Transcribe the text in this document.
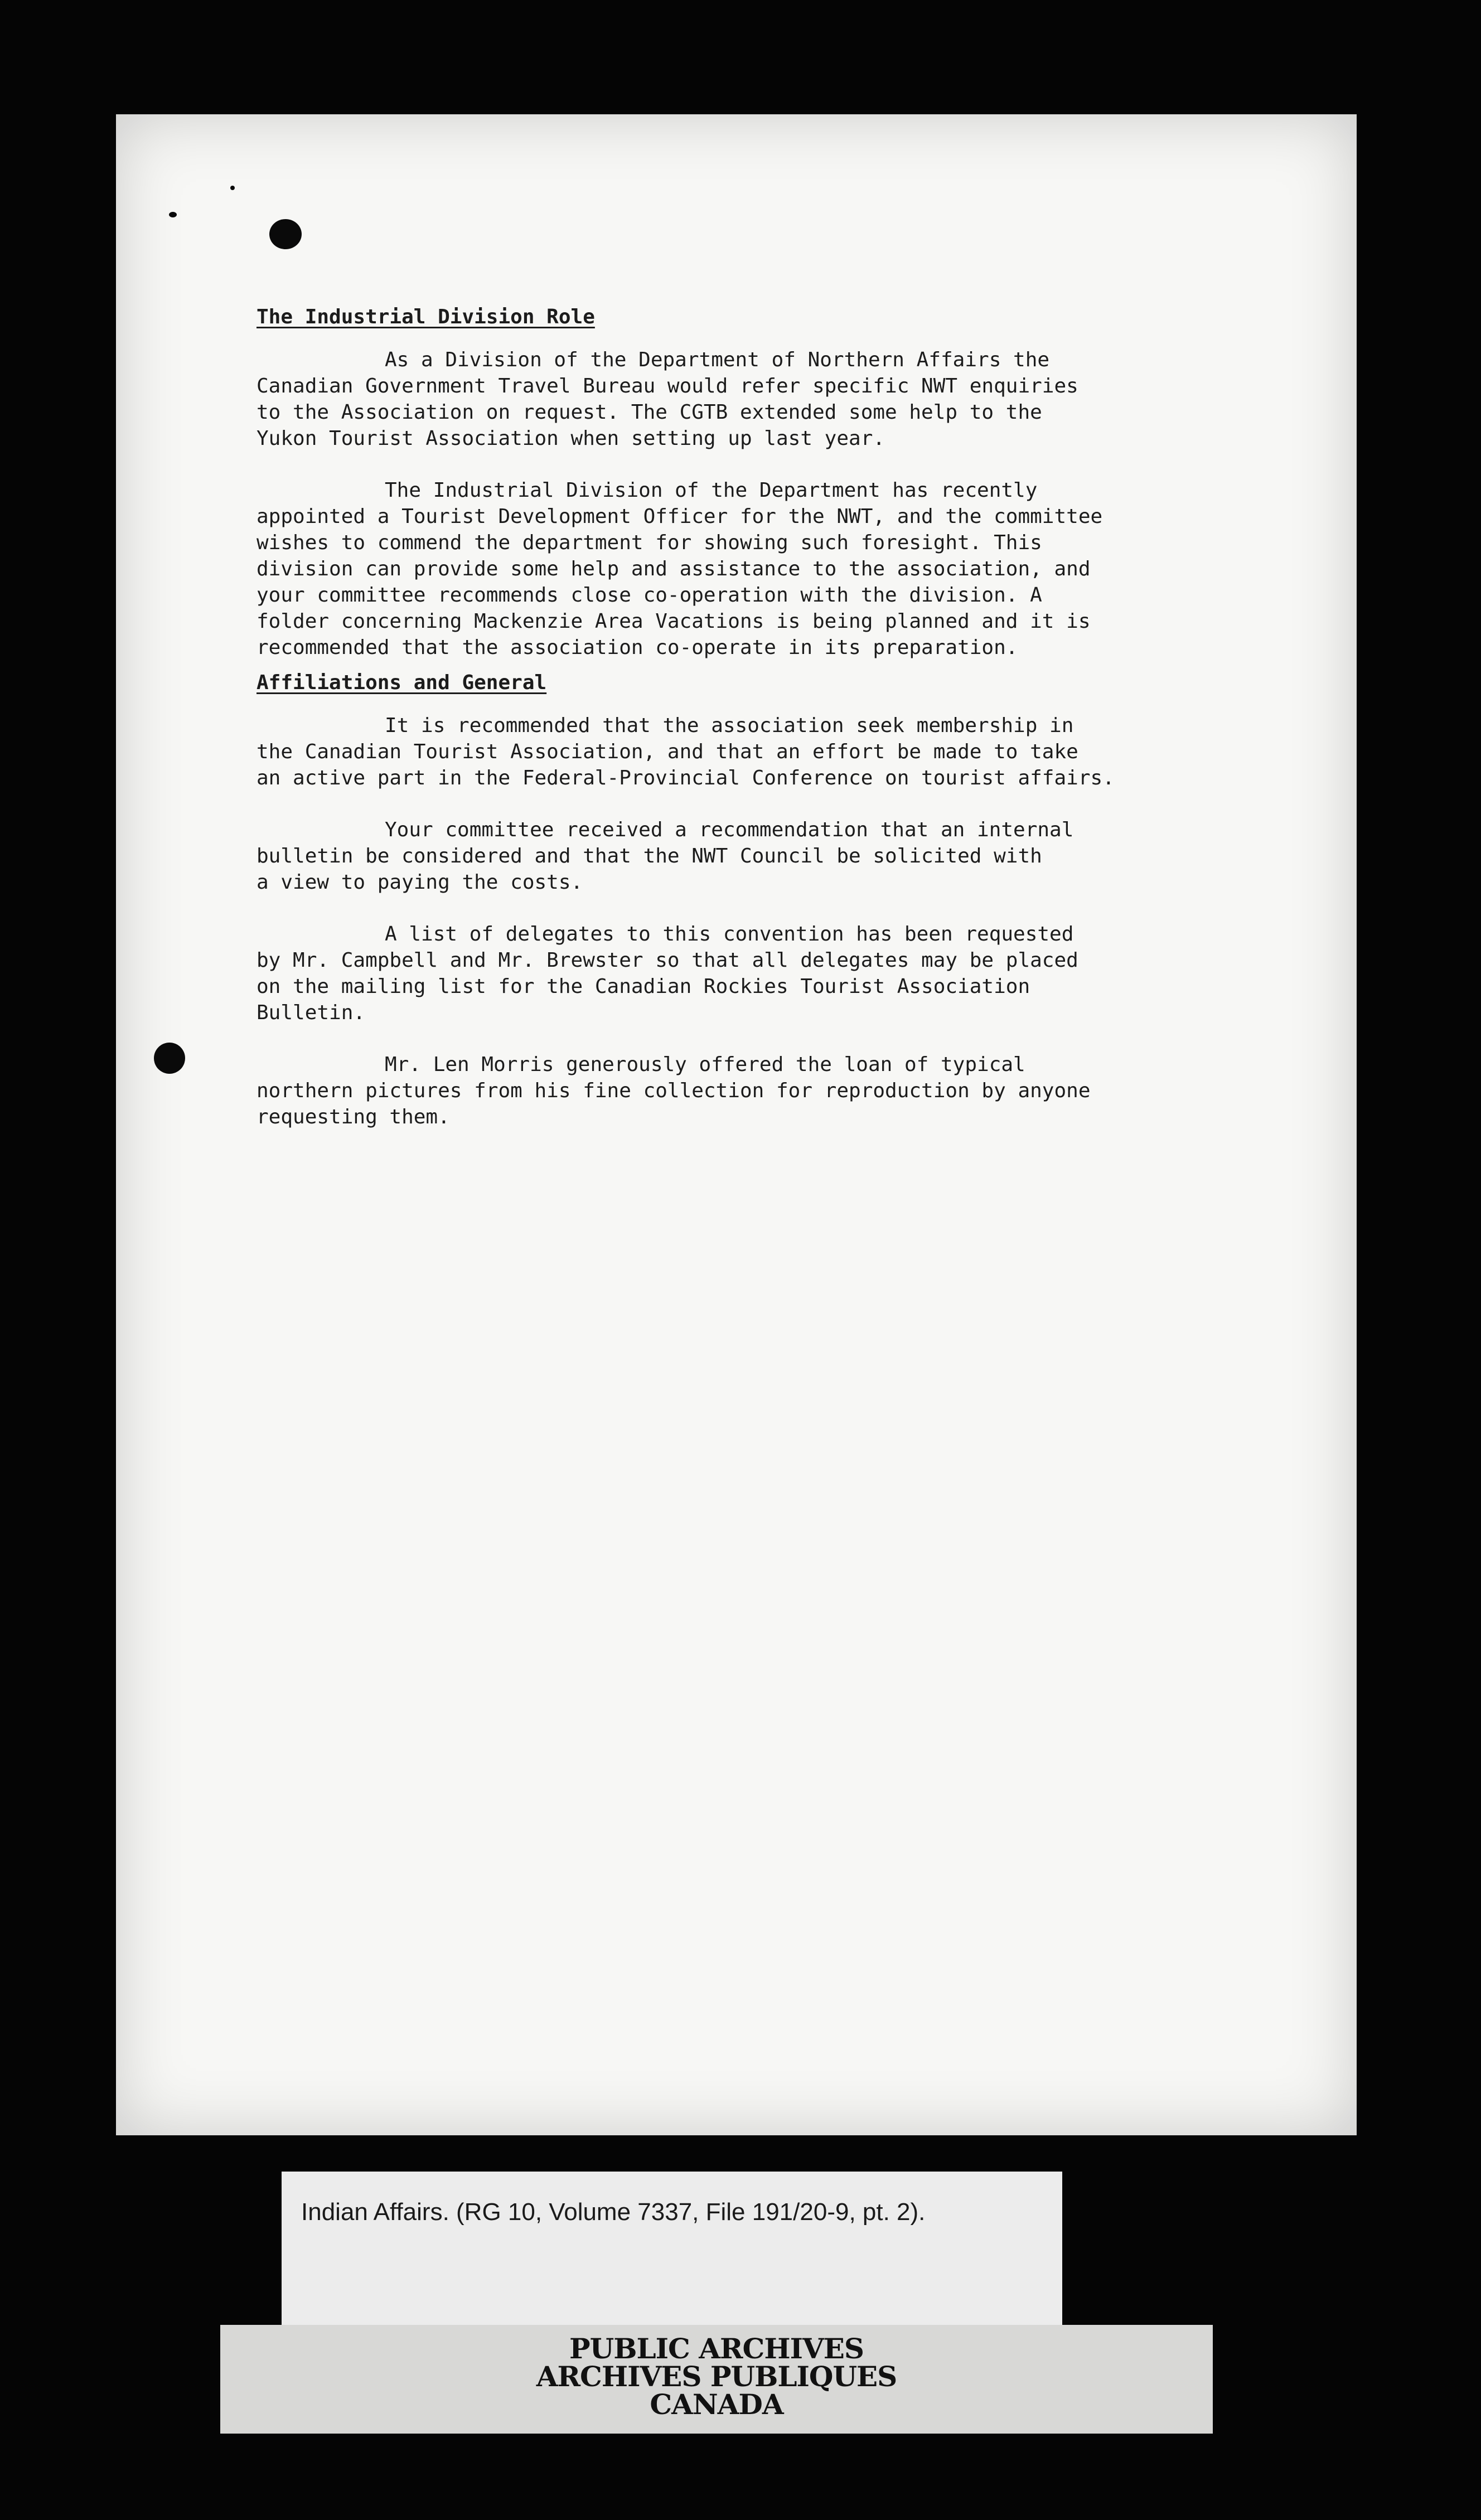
The Industrial Division Role

As a Division of the Department of Northern Affairs the
Canadian Government Travel Bureau would refer specific NWT enquiries
to the Association on request. The CGTB extended some help to the
Yukon Tourist Association when setting up last year.

The Industrial Division of the Department has recently
appointed a Tourist Development Officer for the NWT, and the committee
wishes to commend the department for showing such foresight. This
division can provide some help and assistance to the association, and
your committee recommends close co-operation with the division. A
folder concerning Mackenzie Area Vacations is being planned and it is
recommended that the association co-operate in its preparation.

Affiliations and General

It is recommended that the association seek membership in
the Canadian Tourist Association, and that an effort be made to take
an active part in the Federal-Provincial Conference on tourist affairs.

Your committee received a recommendation that an internal
bulletin be considered and that the NWT Council be solicited with
a view to paying the costs.

A list of delegates to this convention has been requested
by Mr. Campbell and Mr. Brewster so that all delegates may be placed
on the mailing list for the Canadian Rockies Tourist Association
Bulletin.

Mr. Len Morris generously offered the loan of typical
northern pictures from his fine collection for reproduction by anyone
requesting them.

Indian Affairs. (RG 10, Volume 7337, File 191/20-9, pt. 2).
PUBLIC ARCHIVES
ARCHIVES PUBLIQUES
CANADA
